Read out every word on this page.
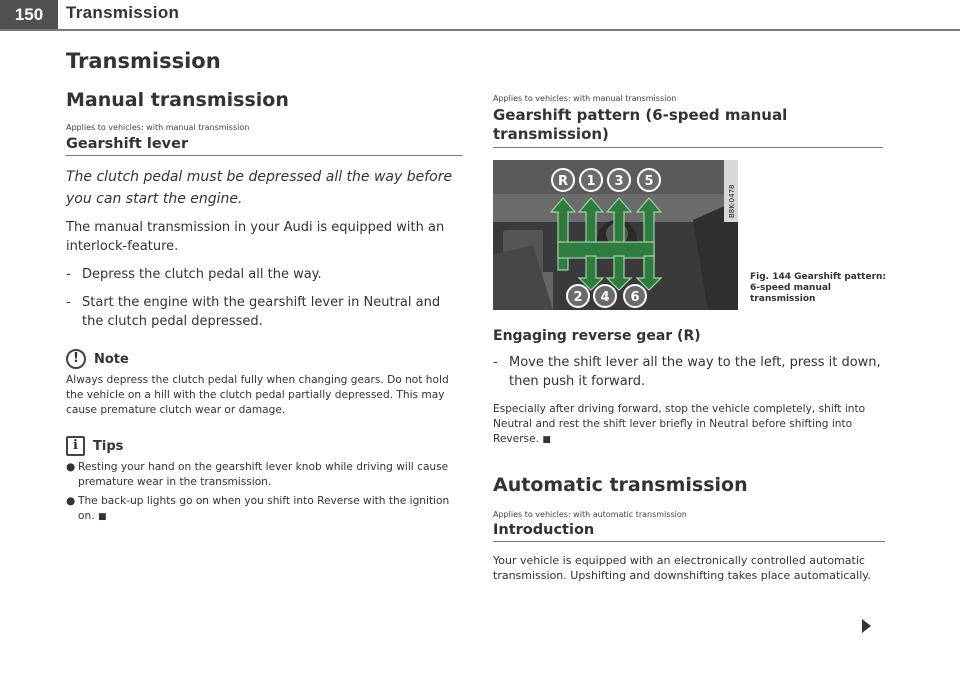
150	Transmission
Transmission
Manual transmission

Applies to vehicles: with manual transmission

Gearshift lever

The clutch pedal must be depressed all the way before you can start the engine.

The manual transmission in your Audi is equipped with an interlock-feature.

- Depress the clutch pedal all the way.
- Start the engine with the gearshift lever in Neutral and the clutch pedal depressed.
!	Note

Always depress the clutch pedal fully when changing gears. Do not hold the vehicle on a hill with the clutch pedal partially depressed. This may cause premature clutch wear or damage.

i	Tips
● Resting your hand on the gearshift lever knob while driving will cause premature wear in the transmission.
● The back-up lights go on when you shift into Reverse with the ignition on. ■

Applies to vehicles: with manual transmission

Gearshift pattern (6-speed manual transmission)
R 1 3 5
2 4 6
B8K-0478
Fig. 144 Gearshift pattern: 6-speed manual transmission
Engaging reverse gear (R)
- Move the shift lever all the way to the left, press it down, then push it forward.

Especially after driving forward, stop the vehicle completely, shift into Neutral and rest the shift lever briefly in Neutral before shifting into Reverse. ■

Automatic transmission

Applies to vehicles: with automatic transmission

Introduction

Your vehicle is equipped with an electronically controlled automatic transmission. Upshifting and downshifting takes place automatically.
